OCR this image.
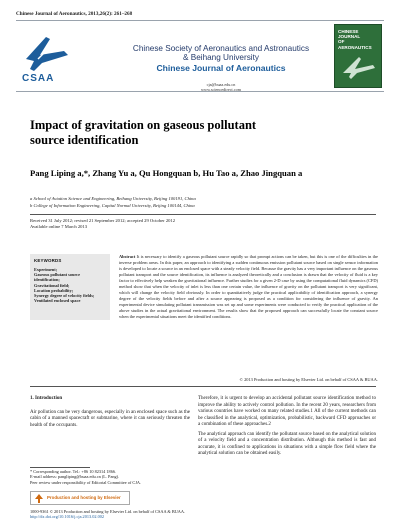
Chinese Journal of Aeronautics, 2013,26(2): 261–268
CSAA
Chinese Society of Aeronautics and Astronautics
& Beihang University
Chinese Journal of Aeronautics
cja@buaa.edu.cn
www.sciencedirect.com
CHINESE
JOURNAL
OF
AERONAUTICS
Impact of gravitation on gaseous pollutant
source identification
Pang Liping a,*, Zhang Yu a, Qu Hongquan b, Hu Tao a, Zhao Jingquan a
a School of Aviation Science and Engineering, Beihang University, Beijing 100191, China
b College of Information Engineering, Capital Normal University, Beijing 100144, China
Received 31 July 2012; revised 21 September 2012; accepted 29 October 2012
Available online 7 March 2013
KEYWORDS
Experiment;
Gaseous pollutant source identification;
Gravitational field;
Location probability;
Synergy degree of velocity fields;
Ventilated enclosed space
Abstract It is necessary to identify a gaseous pollutant source rapidly so that prompt actions can be taken, but this is one of the difficulties in the inverse problem areas. In this paper, an approach to identifying a sudden continuous emission pollutant source based on single sensor information is developed to locate a source in an enclosed space with a steady velocity field. Because the gravity has a very important influence on the gaseous pollutant transport and the source identification, its influence is analyzed theoretically and a conclusion is drawn that the velocity of fluid is a key factor to effectively help weaken the gravitational influence. Further studies for a given 2-D case by using the computational fluid dynamics (CFD) method show that when the velocity of inlet is less than one certain value, the influence of gravity on the pollutant transport is very significant, which will change the velocity field obviously. In order to quantitatively judge the practical applicability of identification approach, a synergy degree of the velocity fields before and after a source appearing is proposed as a condition for considering the influence of gravity. An experimental device simulating pollutant transmission was set up and some experiments were conducted to verify the practical application of the above studies in the actual gravitational environment. The results show that the proposed approach can successfully locate the constant source when the experimental situations meet the identified conditions.
© 2013 Production and hosting by Elsevier Ltd. on behalf of CSAA & BUAA.
1. Introduction
Air pollution can be very dangerous, especially in an enclosed space such as the cabin of a manned spacecraft or submarine, where it can seriously threaten the health of the occupants.
Therefore, it is urgent to develop an accidental pollutant source identification method to improve the ability to actively control pollution. In the recent 20 years, researchers from various countries have worked on many related studies.1 All of the current methods can be classified in the analytical, optimization, probabilistic, backward CFD approaches or a combination of these approaches.2
The analytical approach can identify the pollutant source based on the analytical solution of a velocity field and a concentration distribution. Although this method is fast and accurate, it is confined to applications in situations with a simple flow field where the analytical solution can be obtained easily.
* Corresponding author. Tel.: +86 10 82314 1866.
E-mail address: pangliping@buaa.edu.cn (L. Pang).
Peer review under responsibility of Editorial Committee of CJA.
Production and hosting by Elsevier
1000-9361 © 2013 Production and hosting by Elsevier Ltd. on behalf of CSAA & BUAA.
http://dx.doi.org/10.1016/j.cja.2013.02.002
